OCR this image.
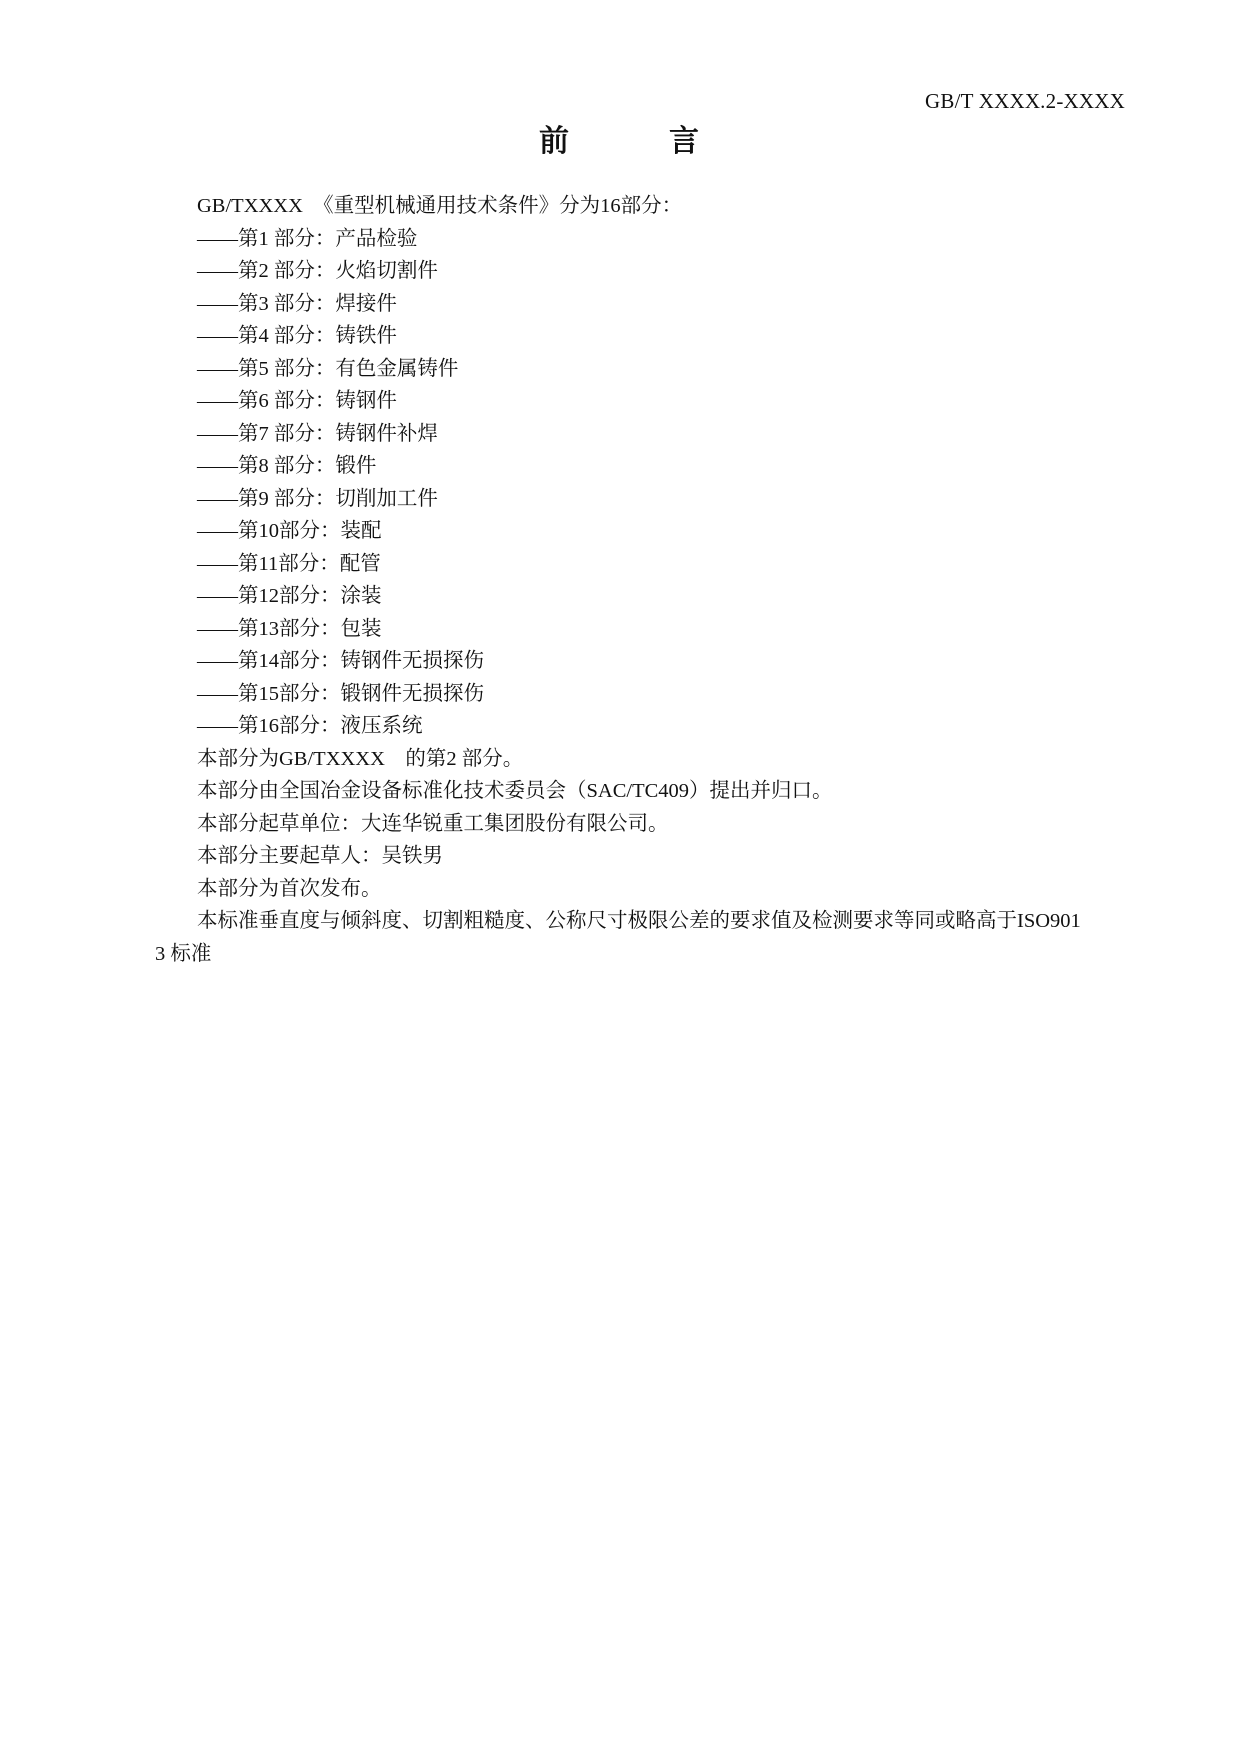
GB/T XXXX.2-XXXX
前	言
GB/TXXXX　《重型机械通用技术条件》分为16部分：
——第1 部分：产品检验
——第2 部分：火焰切割件
——第3 部分：焊接件
——第4 部分：铸铁件
——第5 部分：有色金属铸件
——第6 部分：铸钢件
——第7 部分：铸钢件补焊
——第8 部分：锻件
——第9 部分：切削加工件
——第10部分：装配
——第11部分：配管
——第12部分：涂装
——第13部分：包装
——第14部分：铸钢件无损探伤
——第15部分：锻钢件无损探伤
——第16部分：液压系统
本部分为GB/TXXXX　的第2 部分。
本部分由全国冶金设备标准化技术委员会（SAC/TC409）提出并归口。
本部分起草单位：大连华锐重工集团股份有限公司。
本部分主要起草人：吴铁男
本部分为首次发布。
本标准垂直度与倾斜度、切割粗糙度、公称尺寸极限公差的要求值及检测要求等同或略高于ISO9013 标准
